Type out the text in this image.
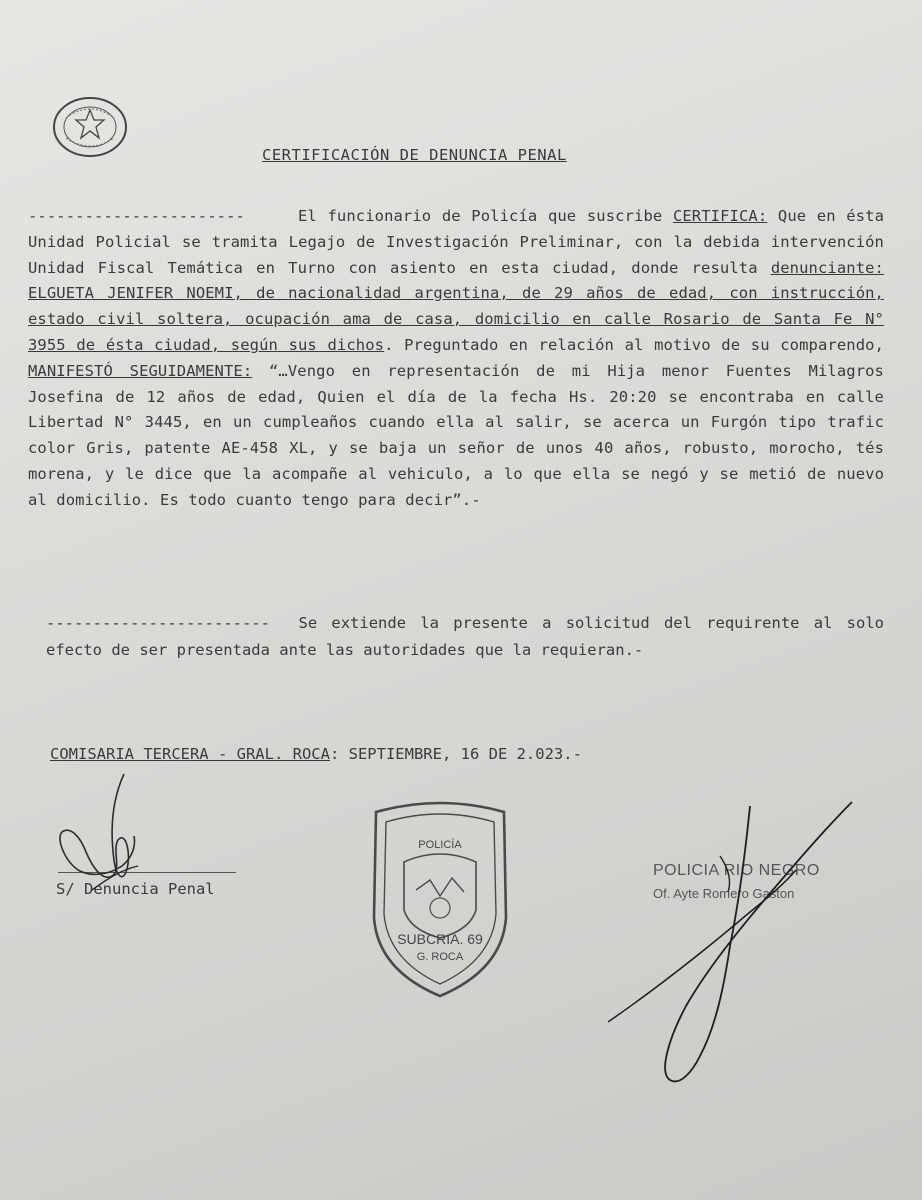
CERTIFICACIÓN DE DENUNCIA PENAL
-----------------------	El funcionario de Policía que suscribe CERTIFICA: Que en ésta Unidad Policial se tramita Legajo de Investigación Preliminar, con la debida intervención Unidad Fiscal Temática en Turno con asiento en esta ciudad, donde resulta denunciante: ELGUETA JENIFER NOEMI, de nacionalidad argentina, de 29 años de edad, con instrucción, estado civil soltera, ocupación ama de casa, domicilio en calle Rosario de Santa Fe N° 3955 de ésta ciudad, según sus dichos. Preguntado en relación al motivo de su comparendo, MANIFESTÓ SEGUIDAMENTE: “…Vengo en representación de mi Hija menor Fuentes Milagros Josefina de 12 años de edad, Quien el día de la fecha Hs. 20:20 se encontraba en calle Libertad N° 3445, en un cumpleaños cuando ella al salir, se acerca un Furgón tipo trafic color Gris, patente AE-458 XL, y se baja un señor de unos 40 años, robusto, morocho, tés morena, y le dice que la acompañe al vehiculo, a lo que ella se negó y se metió de nuevo al domicilio. Es todo cuanto tengo para decir”.-
------------------------ Se extiende la presente a solicitud del requirente al solo efecto de ser presentada ante las autoridades que la requieran.-
COMISARIA TERCERA - GRAL. ROCA: SEPTIEMBRE, 16 DE 2.023.-
S/ Denuncia Penal
POLICÍA
SUBCRIA. 69
G. ROCA
POLICIA RIO NEGRO
Of. Ayte Romero Gaston
